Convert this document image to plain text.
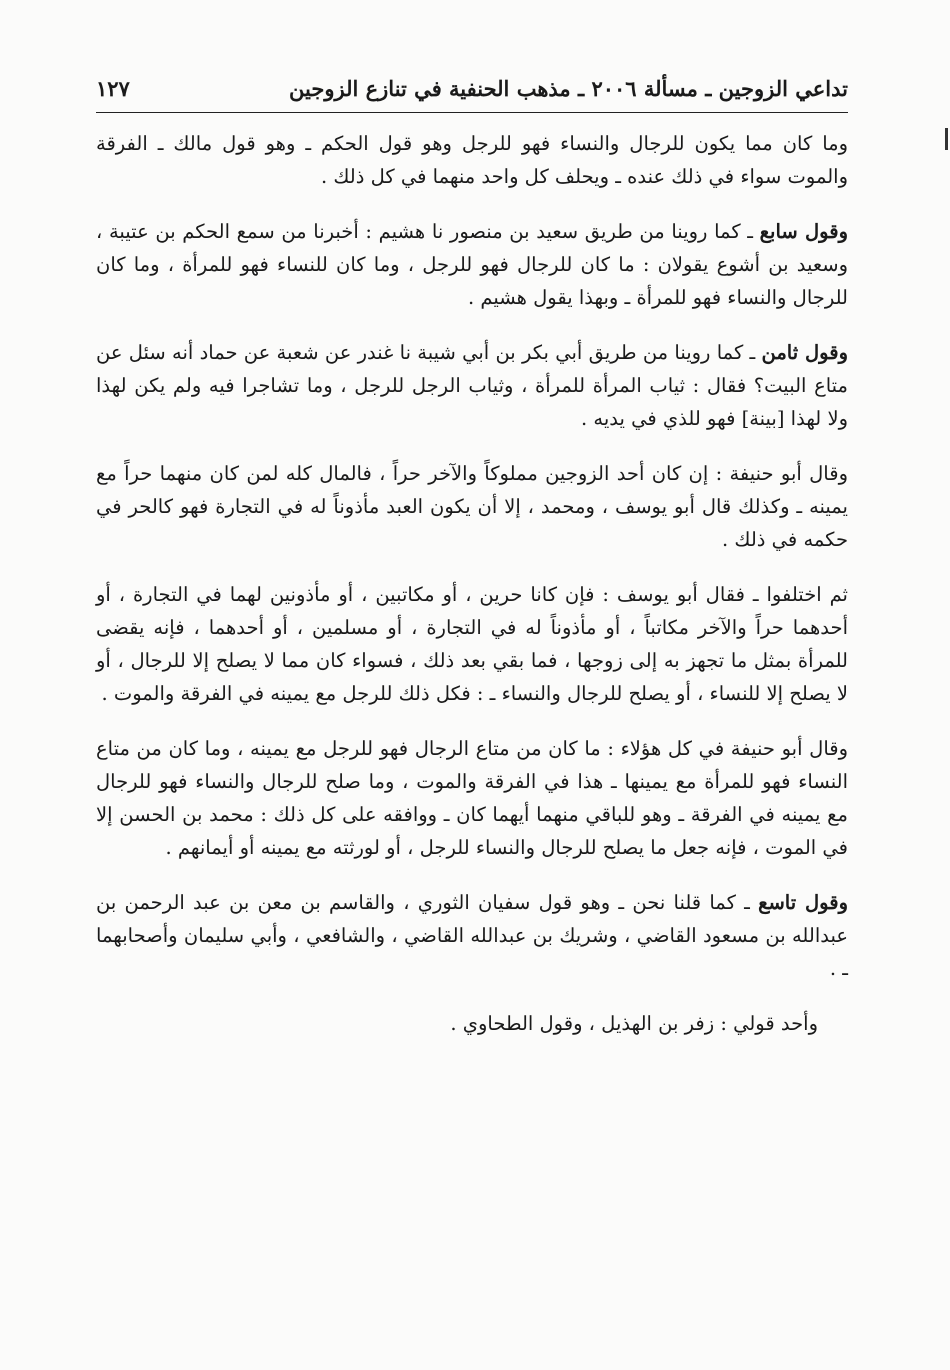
تداعي الزوجين ـ مسألة ٢٠٠٦ ـ مذهب الحنفية في تنازع الزوجين
١٢٧

وما كان مما يكون للرجال والنساء فهو للرجل وهو قول الحكم ـ وهو قول مالك ـ الفرقة والموت سواء في ذلك عنده ـ ويحلف كل واحد منهما في كل ذلك .

وقول سابع ـ كما روينا من طريق سعيد بن منصور نا هشيم : أخبرنا من سمع الحكم بن عتيبة ، وسعيد بن أشوع يقولان : ما كان للرجال فهو للرجل ، وما كان للنساء فهو للمرأة ، وما كان للرجال والنساء فهو للمرأة ـ وبهذا يقول هشيم .

وقول ثامن ـ كما روينا من طريق أبي بكر بن أبي شيبة نا غندر عن شعبة عن حماد أنه سئل عن متاع البيت؟ فقال : ثياب المرأة للمرأة ، وثياب الرجل للرجل ، وما تشاجرا فيه ولم يكن لهذا ولا لهذا [بينة] فهو للذي في يديه .

وقال أبو حنيفة : إن كان أحد الزوجين مملوكاً والآخر حراً ، فالمال كله لمن كان منهما حراً مع يمينه ـ وكذلك قال أبو يوسف ، ومحمد ، إلا أن يكون العبد مأذوناً له في التجارة فهو كالحر في حكمه في ذلك .

ثم اختلفوا ـ فقال أبو يوسف : فإن كانا حرين ، أو مكاتبين ، أو مأذونين لهما في التجارة ، أو أحدهما حراً والآخر مكاتباً ، أو مأذوناً له في التجارة ، أو مسلمين ، أو أحدهما ، فإنه يقضى للمرأة بمثل ما تجهز به إلى زوجها ، فما بقي بعد ذلك ، فسواء كان مما لا يصلح إلا للرجال ، أو لا يصلح إلا للنساء ، أو يصلح للرجال والنساء ـ : فكل ذلك للرجل مع يمينه في الفرقة والموت .

وقال أبو حنيفة في كل هؤلاء : ما كان من متاع الرجال فهو للرجل مع يمينه ، وما كان من متاع النساء فهو للمرأة مع يمينها ـ هذا في الفرقة والموت ، وما صلح للرجال والنساء فهو للرجال مع يمينه في الفرقة ـ وهو للباقي منهما أيهما كان ـ ووافقه على كل ذلك : محمد بن الحسن إلا في الموت ، فإنه جعل ما يصلح للرجال والنساء للرجل ، أو لورثته مع يمينه أو أيمانهم .

وقول تاسع ـ كما قلنا نحن ـ وهو قول سفيان الثوري ، والقاسم بن معن بن عبد الرحمن بن عبدالله بن مسعود القاضي ، وشريك بن عبدالله القاضي ، والشافعي ، وأبي سليمان وأصحابهما ـ .

وأحد قولي : زفر بن الهذيل ، وقول الطحاوي .
